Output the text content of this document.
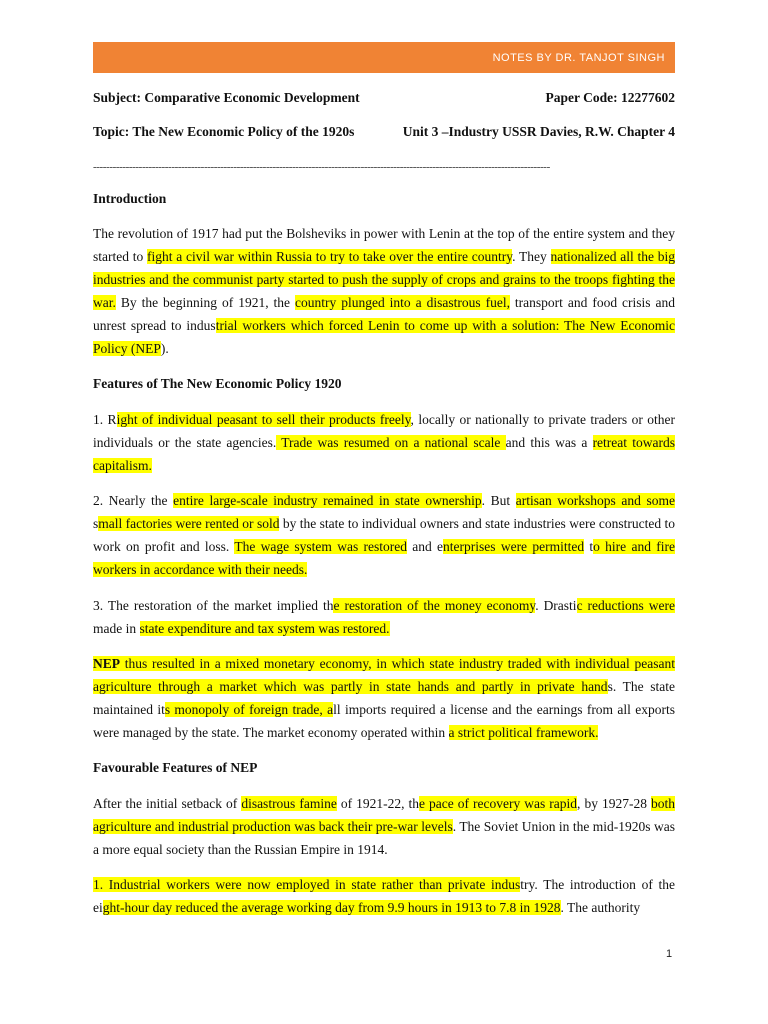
NOTES BY DR. TANJOT SINGH
Subject: Comparative Economic Development	Paper Code: 12277602
Topic: The New Economic Policy of the 1920s	Unit 3 –Industry USSR Davies, R.W. Chapter 4
--------------------------------------------------------------------------------------------------------------------------------------------
Introduction
The revolution of 1917 had put the Bolsheviks in power with Lenin at the top of the entire system and they started to fight a civil war within Russia to try to take over the entire country. They nationalized all the big industries and the communist party started to push the supply of crops and grains to the troops fighting the war. By the beginning of 1921, the country plunged into a disastrous fuel, transport and food crisis and unrest spread to industrial workers which forced Lenin to come up with a solution: The New Economic Policy (NEP).
Features of The New Economic Policy 1920
1. Right of individual peasant to sell their products freely, locally or nationally to private traders or other individuals or the state agencies. Trade was resumed on a national scale and this was a retreat towards capitalism.
2. Nearly the entire large-scale industry remained in state ownership. But artisan workshops and some small factories were rented or sold by the state to individual owners and state industries were constructed to work on profit and loss. The wage system was restored and enterprises were permitted to hire and fire workers in accordance with their needs.
3. The restoration of the market implied the restoration of the money economy. Drastic reductions were made in state expenditure and tax system was restored.
NEP thus resulted in a mixed monetary economy, in which state industry traded with individual peasant agriculture through a market which was partly in state hands and partly in private hands. The state maintained its monopoly of foreign trade, all imports required a license and the earnings from all exports were managed by the state. The market economy operated within a strict political framework.
Favourable Features of NEP
After the initial setback of disastrous famine of 1921-22, the pace of recovery was rapid, by 1927-28 both agriculture and industrial production was back their pre-war levels. The Soviet Union in the mid-1920s was a more equal society than the Russian Empire in 1914.
1. Industrial workers were now employed in state rather than private industry. The introduction of the eight-hour day reduced the average working day from 9.9 hours in 1913 to 7.8 in 1928. The authority
1
